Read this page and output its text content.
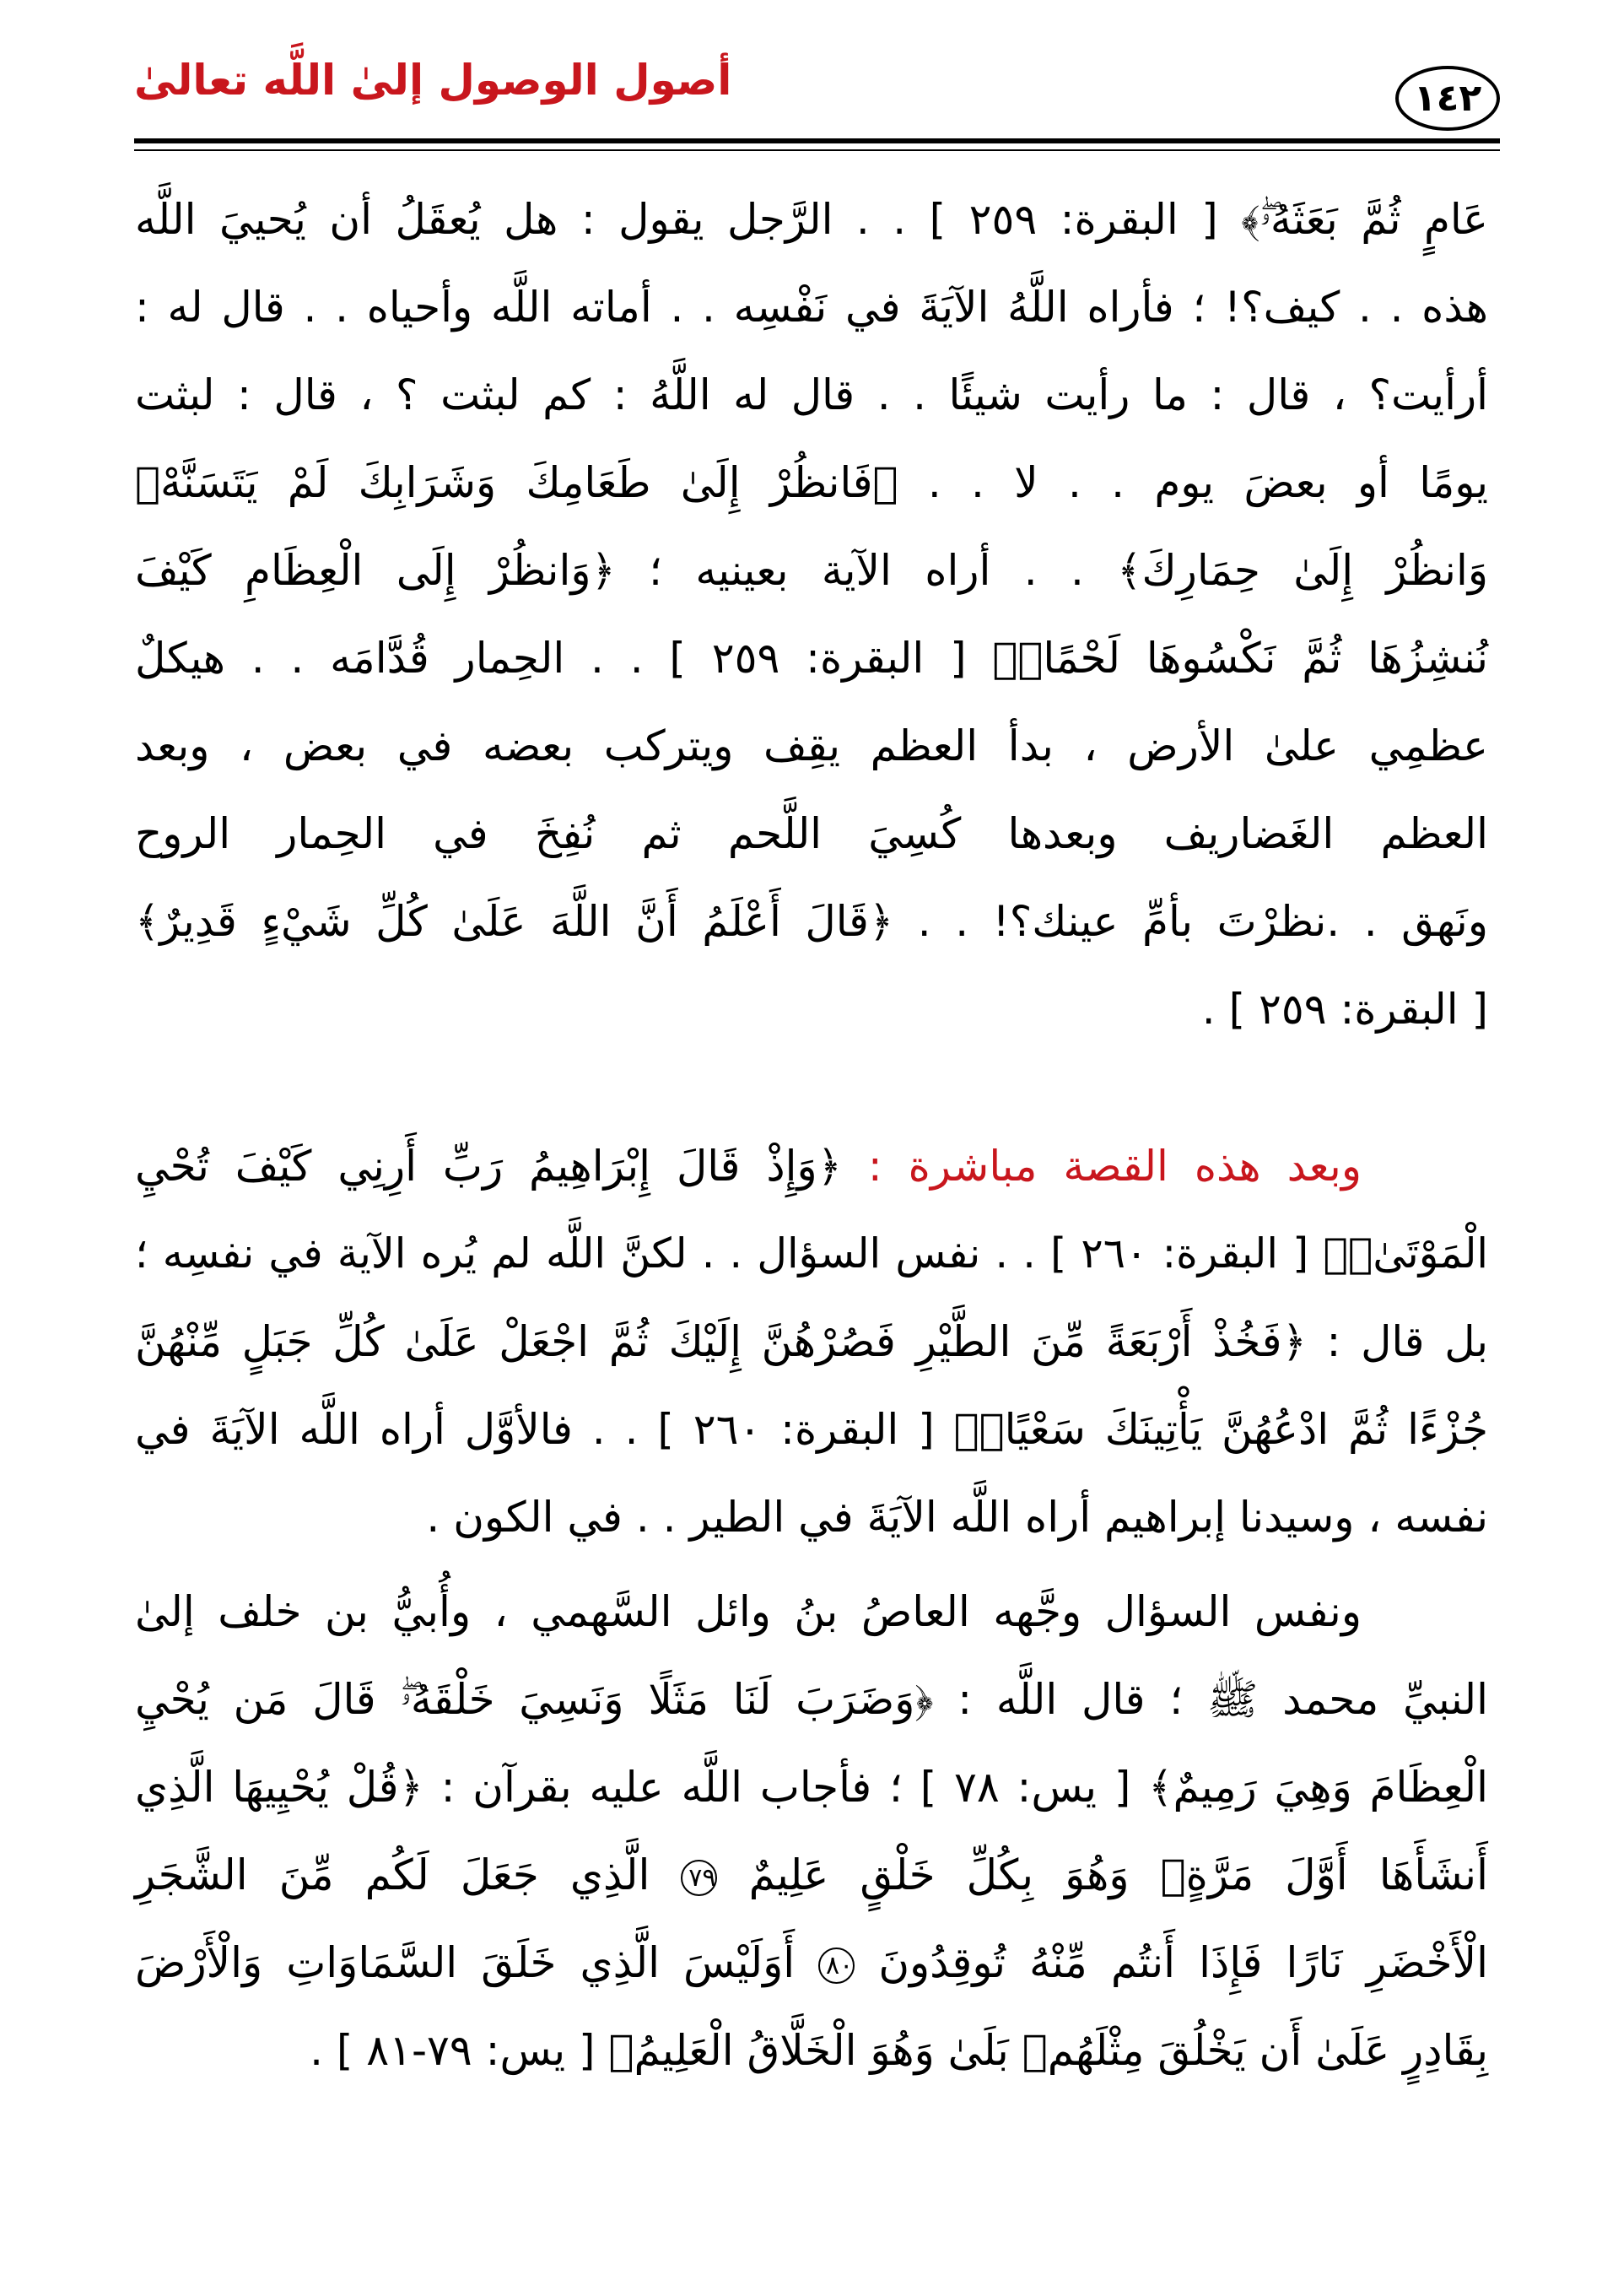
أصول الوصول إلىٰ اللَّه تعالىٰ	١٤٢
عَامٍ ثُمَّ بَعَثَهُۥۖ﴾ [ البقرة: ٢٥٩ ] . . الرَّجل يقول : هل يُعقَلُ أن يُحييَ اللَّه
هذه . . كيف؟! ؛ فأراه اللَّهُ الآيَةَ في نَفْسِه . . أماته اللَّه وأحياه . . قال له :
أرأيت؟ ، قال : ما رأيت شيئًا . . قال له اللَّهُ : كم لبثت ؟ ، قال : لبثت
يومًا أو بعضَ يوم . . لا . . ﴿فَانظُرْ إِلَىٰ طَعَامِكَ وَشَرَابِكَ لَمْ يَتَسَنَّهْۖ
وَانظُرْ إِلَىٰ حِمَارِكَ﴾ . . أراه الآية بعينيه ؛ ﴿وَانظُرْ إِلَى الْعِظَامِ كَيْفَ
نُنشِزُهَا ثُمَّ نَكْسُوهَا لَحْمًاۚ﴾ [ البقرة: ٢٥٩ ] . . الحِمار قُدَّامَه . . هيكلٌ
عظمِي علىٰ الأرض ، بدأ العظم يقِف ويتركب بعضه في بعض ، وبعد
العظم الغَضاريف وبعدها كُسِيَ اللَّحم ثم نُفِخَ في الحِمار الروح
ونَهق . .نظرْتَ بأمِّ عينك؟! . . ﴿قَالَ أَعْلَمُ أَنَّ اللَّهَ عَلَىٰ كُلِّ شَيْءٍ قَدِيرٌ﴾
[ البقرة: ٢٥٩ ] .
وبعد هذه القصة مباشرة : ﴿وَإِذْ قَالَ إِبْرَاهِيمُ رَبِّ أَرِنِي كَيْفَ تُحْيِ
الْمَوْتَىٰۖ﴾ [ البقرة: ٢٦٠ ] . . نفس السؤال . . لكنَّ اللَّه لم يُره الآية في نفسِه ؛
بل قال : ﴿فَخُذْ أَرْبَعَةً مِّنَ الطَّيْرِ فَصُرْهُنَّ إِلَيْكَ ثُمَّ اجْعَلْ عَلَىٰ كُلِّ جَبَلٍ مِّنْهُنَّ
جُزْءًا ثُمَّ ادْعُهُنَّ يَأْتِينَكَ سَعْيًاۚ﴾ [ البقرة: ٢٦٠ ] . . فالأوَّل أراه اللَّه الآيَةَ في
نفسه ، وسيدنا إبراهيم أراه اللَّه الآيَةَ في الطير . . في الكون .
ونفس السؤال وجَّهه العاصُ بنُ وائل السَّهمي ، وأُبيُّ بن خلف إلىٰ
النبيِّ محمد ﷺ ؛ قال اللَّه : ﴿وَضَرَبَ لَنَا مَثَلًا وَنَسِيَ خَلْقَهُۥۖ قَالَ مَن يُحْيِ
الْعِظَامَ وَهِيَ رَمِيمٌ﴾ [ يس: ٧٨ ] ؛ فأجاب اللَّه عليه بقرآن : ﴿قُلْ يُحْيِيهَا الَّذِي
أَنشَأَهَا أَوَّلَ مَرَّةٍۖ وَهُوَ بِكُلِّ خَلْقٍ عَلِيمٌ ٧٩ الَّذِي جَعَلَ لَكُم مِّنَ الشَّجَرِ
الْأَخْضَرِ نَارًا فَإِذَا أَنتُم مِّنْهُ تُوقِدُونَ ٨٠ أَوَلَيْسَ الَّذِي خَلَقَ السَّمَاوَاتِ وَالْأَرْضَ
بِقَادِرٍ عَلَىٰ أَن يَخْلُقَ مِثْلَهُمۚ بَلَىٰ وَهُوَ الْخَلَّاقُ الْعَلِيمُ﴾ [ يس: ٧٩-٨١ ] .
